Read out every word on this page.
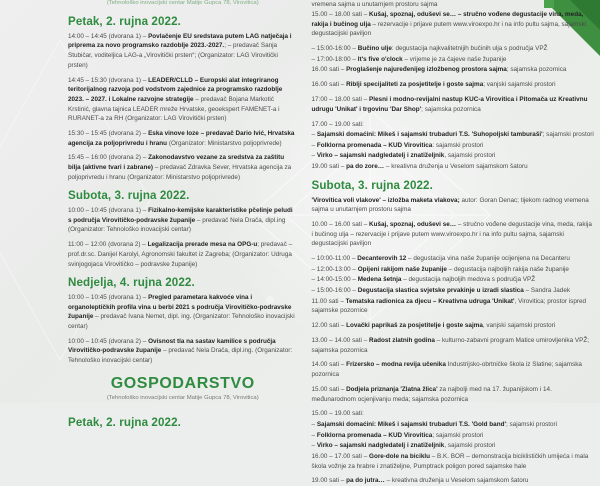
(Tehnološko inovacijski centar Matije Gupca 78, Virovitica)
Petak, 2. rujna 2022.
14:00 – 14:45 (dvorana 1) – Povlačenje EU sredstava putem LAG natječaja i priprema za novo programsko razdoblje 2023.-2027.; – predavač Sanja Stubičar, voditeljica LAG-a „Virovitički prsten“; (Organizator: LAG Virovitički prsten)
14:45 – 15:30 (dvorana 1) – LEADER/CLLD – Europski alat integriranog teritorijalnog razvoja pod vodstvom zajednice za programsko razdoblje 2023. – 2027. i Lokalne razvojne strategije – predavač Bojana Markotić Krstinić, glavna tajnica LEADER mreže Hrvatske, geoekspert FAMENET-a i RURANET-a za RH (Organizator: LAG Virovitički prsten)
15:30 – 15:45 (dvorana 2) – Eska vinove loze – predavač Dario Ivić, Hrvatska agencija za poljoprivredu i hranu (Organizator: Ministarstvo poljoprivrede)
15:45 – 16:00 (dvorana 2) – Zakonodavstvo vezane za sredstva za zaštitu bilja (aktivne tvari i zabrane) – predavač Zdravka Sever, Hrvatska agencija za poljoprivredu i hranu (Organizator: Ministarstvo poljoprivrede)
Subota, 3. rujna 2022.
10:00 – 10:45 (dvorana 1) – Fizikalno-kemijske karakteristike pčelinje peludi s područja Virovitičko-podravske županije – predavač Nela Drača, dipl.ing (Organizator: Tehnološko inovacijski centar)
11:00 – 12:00 (dvorana 2) – Legalizacija prerade mesa na OPG-u; predavač – prof.dr.sc. Danijel Karolyi, Agronomski fakultet iz Zagreba; (Organizator: Udruga svinjogojaca Virovitičko – podravske županije)
Nedjelja, 4. rujna 2022.
10:00 – 10:45 (dvorana 1) – Pregled parametara kakvoće vina i organoleptičkih profila vina u berbi 2021 s područja Virovitičko-podravske županije – predavač Ivana Nemet, dipl. ing. (Organizator: Tehnološko inovacijski centar)
10:00 – 10:45 (dvorana 2) – Ovisnost tla na sastav kamilice s područja Virovitičko-podravske županije – predavač Nela Drača, dipl.ing. (Organizator: Tehnološko inovacijski centar)
GOSPODARSTVO
(Tehnološko inovacijski centar Matije Gupca 78, Virovitica)
Petak, 2. rujna 2022.
vremena sajma u unutarnjem prostoru sajma
15.00 – 18.00 sati – Kušaj, spoznaj, oduševi se… – stručno vođene degustacije vina, meda, rakija i bučinog ulja – rezervacije i prijave putem www.viroexpo.hr i na info pultu sajma, sajamski degustacijski paviljon
– 15:00-16:00 – Bučino ulje: degustacija najkvalitetnijih bučinih ulja s područja VPŽ
– 17:00-18:00 – It's five o'clock – vrijeme je za čajeve naše županije
16.00 sati – Proglašenje najuređenijeg izložbenog prostora sajma; sajamska pozornica
16.00 sati – Riblji specijaliteti za posjetitelje i goste sajma; vanjski sajamski prostori
17:00 – 18.00 sati – Plesni i modno-revijalni nastup KUC-a Virovitica i Pitomača uz Kreativnu udrugu 'Unikat' i trgovinu 'Dar Shop'; sajamska pozornica
17.00 – 19.00 sati:
– Sajamski domaćini: Mikeš i sajamski trubaduri T.S. 'Suhopoljski tamburaši'; sajamski prostori
– Folklorna promenada – KUD Virovitica: sajamski prostori
– Virko – sajamski nadgledatelj i znatiželjnik, sajamski prostori
19.00 sati – pa do zore… – kreativna druženja u Veselom sajamskom šatoru
Subota, 3. rujna 2022.
'Virovitica voli vlakove' – izložba maketa vlakova; autor: Goran Denac; tijekom radnog vremena sajma u unutarnjem prostoru sajma
10.00 – 16.00 sati – Kušaj, spoznaj, oduševi se… – stručno vođene degustacije vina, meda, rakija i bučinog ulja – rezervacije i prijave putem www.viroexpo.hr i na info pultu sajma, sajamski degustacijski paviljon
– 10:00-11:00 – Decanterovih 12 – degustacija vina naše županije ocijenjena na Decanteru
– 12:00-13:00 – Opijeni rakijom naše županije – degustacija najboljih rakija naše županije
– 14:00-15:00 – Medena šetnja – degustacija najboljih medova s područja VPŽ
– 15:00-16:00 – Degustacija slastica svjetske prvakinje u izradi slastica – Sandra Jadek
11.00 sati – Tematska radionica za djecu – Kreativna udruga 'Unikat', Virovitica; prostor ispred sajamske pozornice
12.00 sati – Lovački paprikaš za posjetitelje i goste sajma, vanjski sajamski prostori
13.00 – 14.00 sati – Radost zlatnih godina – kulturno-zabavni program Matice umirovljenika VPŽ; sajamska pozornica
14.00 sati – Frizersko – modna revija učenika Industrijsko-obrtničke škola iz Slatine; sajamska pozornica
15.00 sati – Dodjela priznanja 'Zlatna žlica' za najbolji med na 17. županijskom i 14. međunarodnom ocjenjivanju meda; sajamska pozornica
15.00 – 19.00 sati:
– Sajamski domaćini: Mikeš i sajamski trubaduri T.S. 'Gold band'; sajamski prostori
– Folklorna promenada – KUD Virovitica; sajamski prostori
– Virko – sajamski nadgledatelj i znatiželjnik, sajamski prostori
16.00 – 17.00 sati – Gore-dole na biciklu – B.K. BOR – demonstracija biciklističkih umijeća i mala škola vožnje za hrabre i znatiželjne, Pumptrack poligon pored sajamske hale
19.00 sati – pa do jutra… – kreativna druženja u Veselom sajamskom šatoru
